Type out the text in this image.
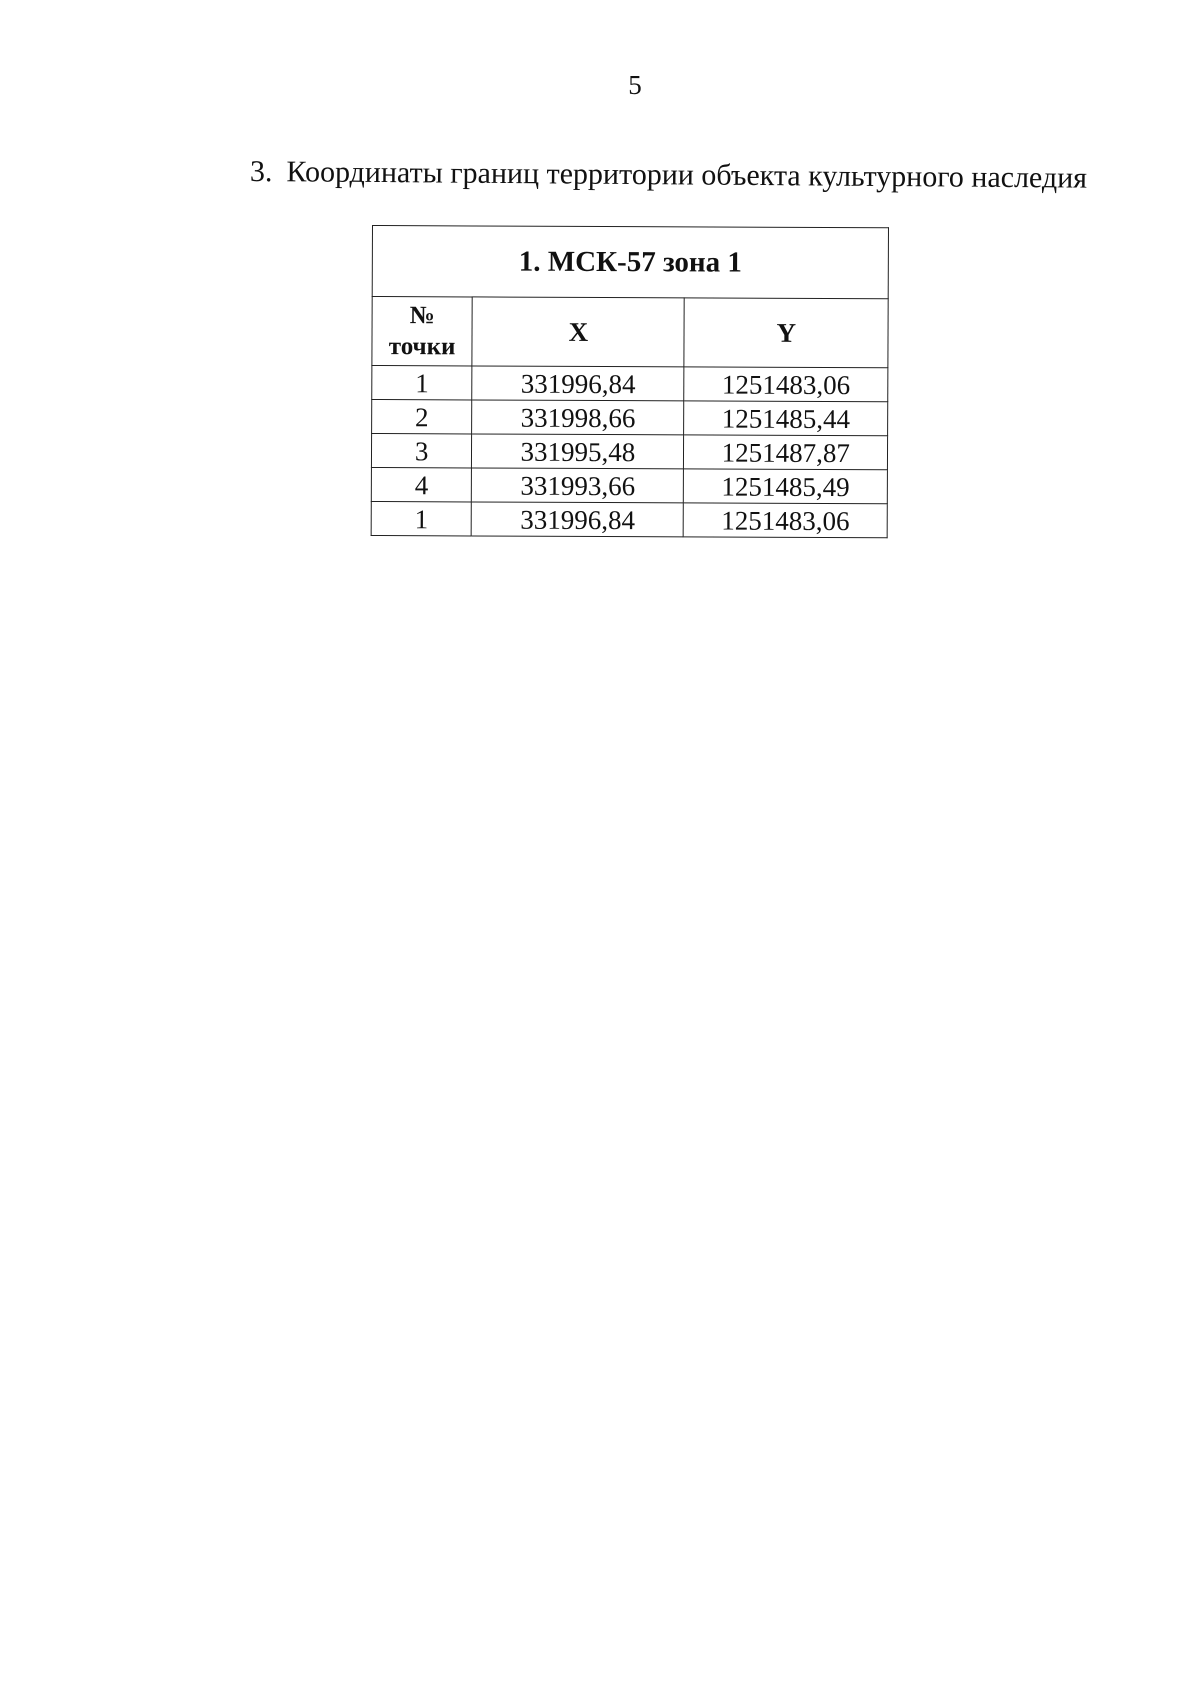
5
3. Координаты границ территории объекта культурного наследия
1. МСК-57 зона 1		

№
точки	X	Y
1	331996,84	1251483,06
2	331998,66	1251485,44
3	331995,48	1251487,87
4	331993,66	1251485,49
1	331996,84	1251483,06
